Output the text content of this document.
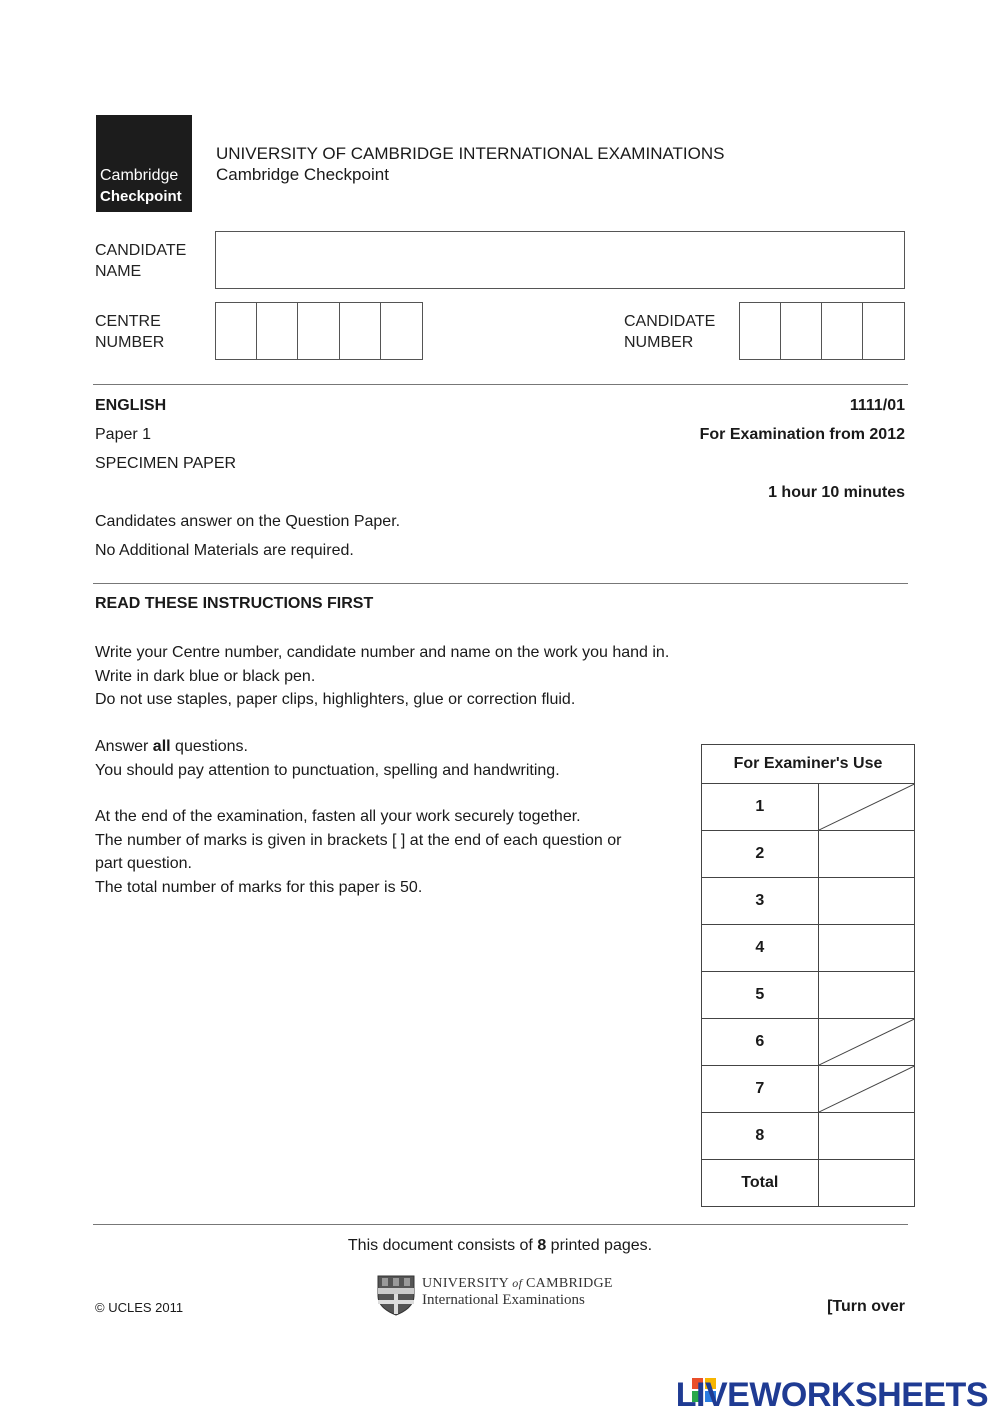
Cambridge
Checkpoint
UNIVERSITY OF CAMBRIDGE INTERNATIONAL EXAMINATIONS
Cambridge Checkpoint
CANDIDATE
NAME
CENTRE
NUMBER
CANDIDATE
NUMBER
ENGLISH	1111/01
Paper 1	For Examination from 2012
SPECIMEN PAPER
1 hour 10 minutes
Candidates answer on the Question Paper.
No Additional Materials are required.
READ THESE INSTRUCTIONS FIRST
Write your Centre number, candidate number and name on the work you hand in.
Write in dark blue or black pen.
Do not use staples, paper clips, highlighters, glue or correction fluid.
Answer all questions.
You should pay attention to punctuation, spelling and handwriting.
At the end of the examination, fasten all your work securely together.
The number of marks is given in brackets [ ] at the end of each question or
part question.
The total number of marks for this paper is 50.
For Examiner's Use	
1	

2	
3	
4	
5	
6	

7	

8	
Total	
This document consists of 8 printed pages.
© UCLES 2011
UNIVERSITY of CAMBRIDGE
International Examinations	[Turn over
LIVEWORKSHEETS
